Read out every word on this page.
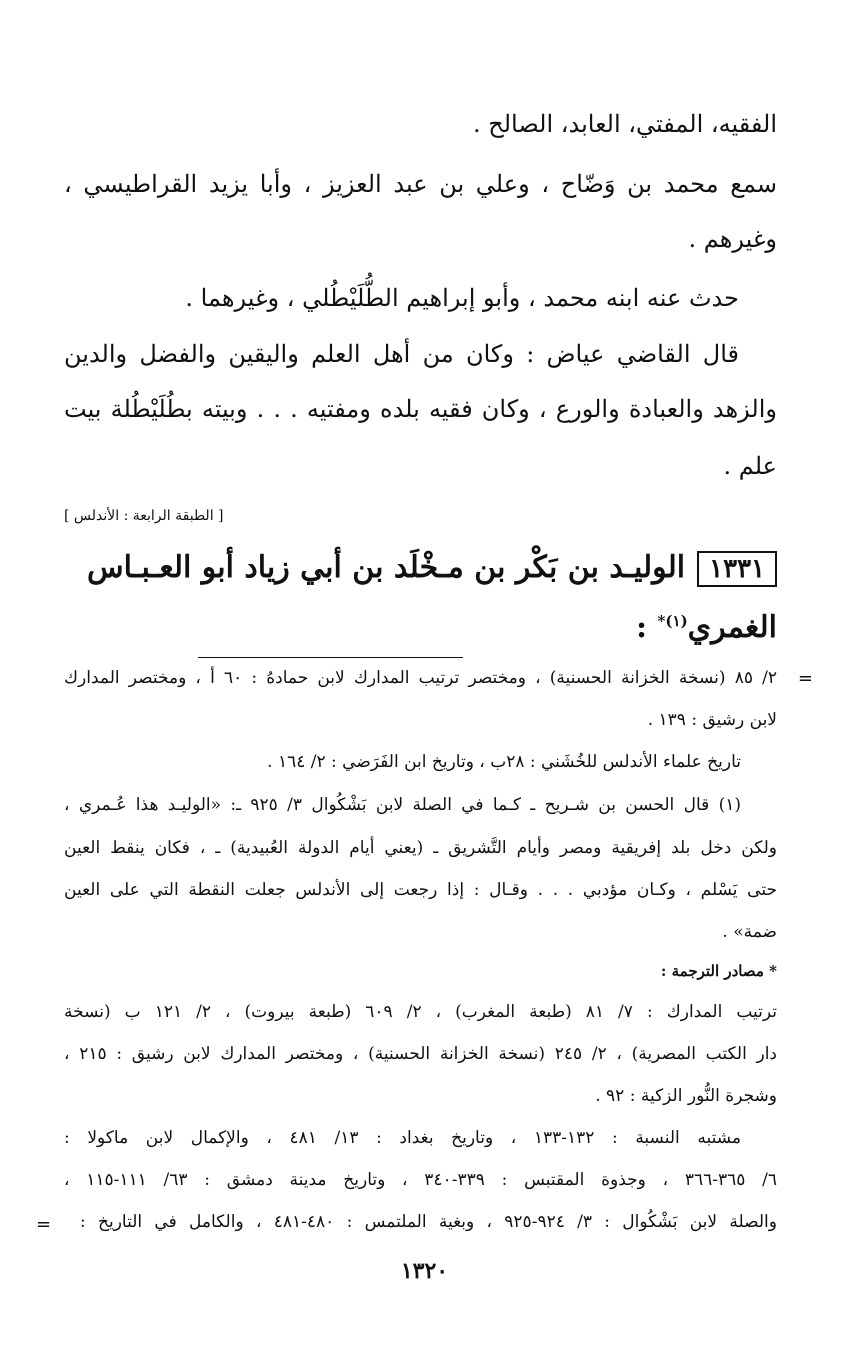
الفقيه، المفتي، العابد، الصالح .
سمع محمد بن وَضّاح ، وعلي بن عبد العزيز ، وأبا يزيد القراطيسي ،
وغيرهم .
حدث عنه ابنه محمد ، وأبو إبراهيم الطُّلَيْطُلي ، وغيرهما .
قال القاضي عياض : وكان من أهل العلم واليقين والفضل والدين
والزهد والعبادة والورع ، وكان فقيه بلده ومفتيه . . . وبيته بطُلَيْطُلة بيت
علم .
[ الطبقة الرابعة : الأندلس ]
١٣٣١الوليـد بن بَكْر بن مـخْلَد بن أبي زياد أبو العـبـاس
الغمري$^{(١)*}$ :
=
٢/ ٨٥ (نسخة الخزانة الحسنية) ، ومختصر ترتيب المدارك لابن حمادهُ : ٦٠ أ ، ومختصر المدارك
لابن رشيق : ١٣٩ .
تاريخ علماء الأندلس للخُشَني : ٢٨ب ، وتاريخ ابن الفَرَضي : ٢/ ١٦٤ .
(١) قال الحسن بن شـريح ـ كـما في الصلة لابن بَشْكُوال ٣/ ٩٢٥ ـ: «الوليـد هذا عُـمري ،
ولكن دخل بلد إفريقية ومصر وأيام التَّشريق ـ (يعني أيام الدولة العُبيدية) ـ ، فكان ينقط العين
حتى يَسْلم ، وكـان مؤدبي . . . وقـال : إذا رجعت إلى الأندلس جعلت النقطة التي على العين
ضمة» .
* مصادر الترجمة :
ترتيب المدارك : ٧/ ٨١ (طبعة المغرب) ، ٢/ ٦٠٩ (طبعة بيروت) ، ٢/ ١٢١ ب (نسخة
دار الكتب المصرية) ، ٢/ ٢٤٥ (نسخة الخزانة الحسنية) ، ومختصر المدارك لابن رشيق : ٢١٥ ،
وشجرة النُّور الزكية : ٩٢ .
مشتبه النسبة : ١٣٢-١٣٣ ، وتاريخ بغداد : ١٣/ ٤٨١ ، والإكمال لابن ماكولا :
٦/ ٣٦٥-٣٦٦ ، وجذوة المقتبس : ٣٣٩-٣٤٠ ، وتاريخ مدينة دمشق : ٦٣/ ١١١-١١٥ ،
والصلة لابن بَشْكُوال : ٣/ ٩٢٤-٩٢٥ ، وبغية الملتمس : ٤٨٠-٤٨١ ، والكامل في التاريخ :
=
١٣٢٠
